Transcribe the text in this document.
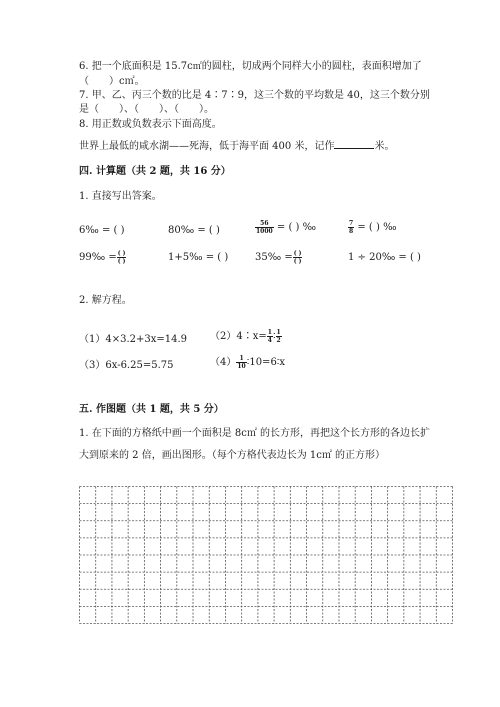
6. 把一个底面积是 15.7c㎡的圆柱，切成两个同样大小的圆柱，表面积增加了
（　　）c㎡。
7. 甲、乙、丙三个数的比是 4∶7∶9，这三个数的平均数是 40，这三个数分别
是（　　）、（　　）、（　　）。
8. 用正数或负数表示下面高度。
世界上最低的咸水湖——死海，低于海平面 400 米，记作	米。
四. 计算题（共 2 题，共 16 分）
1. 直接写出答案。
6‰ = ( )	80‰ = ( )	$\frac{56}{1000}$ = ( ) ‰	$\frac{7}{8}$ = ( ) ‰
99‰ = $\frac{( )}{( )}$	1+5‰ = ( )	35‰ = $\frac{( )}{( )}$	1 ÷ 20‰ = ( )
2. 解方程。
（1）4×3.2+3x=14.9 （2）4∶x= $\frac{1}{4}$ ∶ $\frac{1}{2}$
（3）6x-6.25=5.75	$(4) \frac{1}{10}$ ∶10=6∶x
五. 作图题（共 1 题，共 5 分）
1. 在下面的方格纸中画一个面积是 8c㎡ 的长方形，再把这个长方形的各边长扩
大到原来的 2 倍，画出图形。（每个方格代表边长为 1c㎡ 的正方形）
